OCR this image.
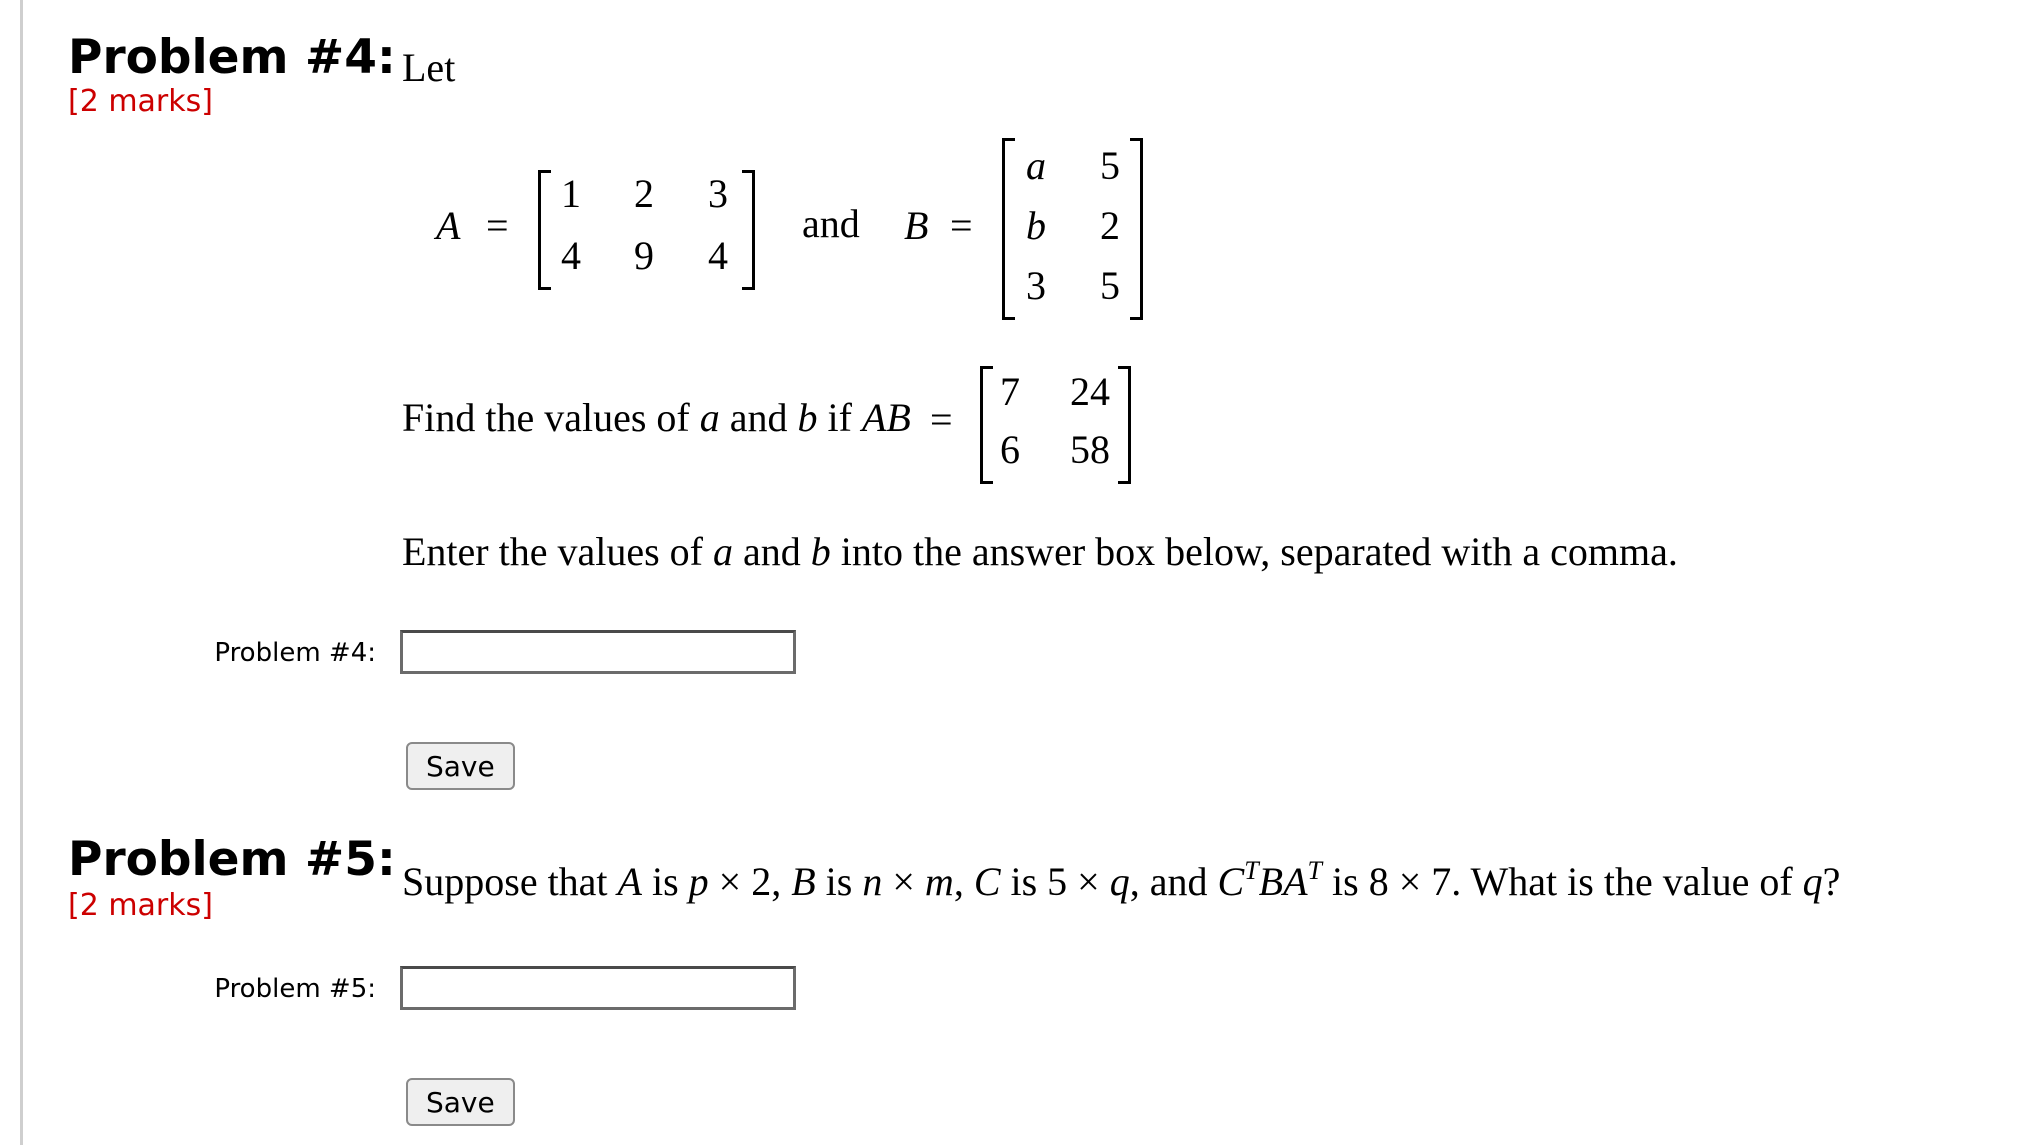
Problem #4: Let
[2 marks]
A =
1	2	3
4	9	4
and B =
a	5
b	2
3	5
Find the values of a and b if AB =
7	24
6	58
Enter the values of a and b into the answer box below, separated with a comma.
Problem #4:
Save
Problem #5:
[2 marks]
Suppose that A is p × 2, B is n × m, C is 5 × q, and $C^TBA^T$ is 8 × 7. What is the value of q?
Problem #5:
Save
